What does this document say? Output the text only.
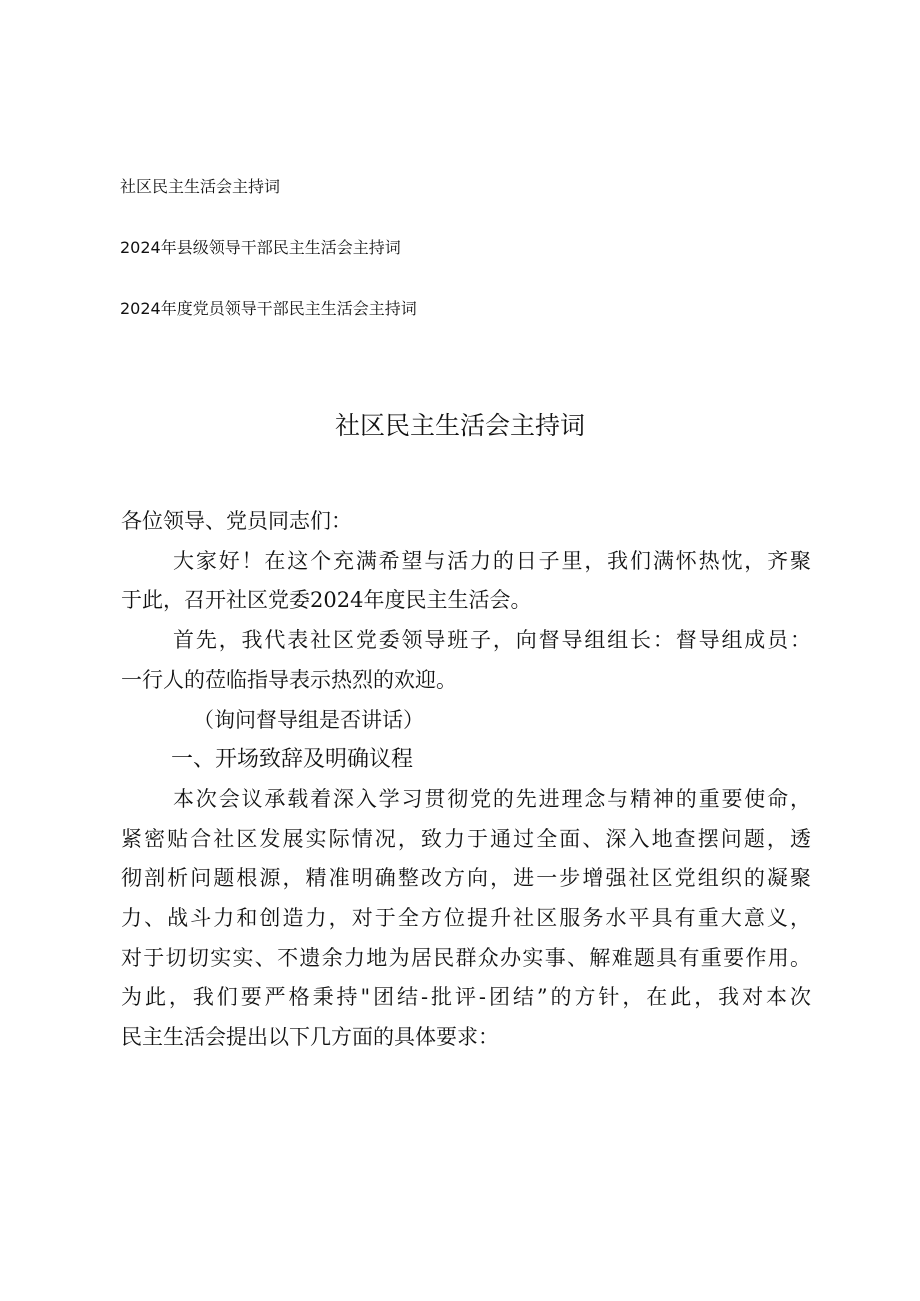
社区民主生活会主持词
2024年县级领导干部民主生活会主持词
2024年度党员领导干部民主生活会主持词
社区民主生活会主持词

各位领导、党员同志们：

大家好！在这个充满希望与活力的日子里，我们满怀热忱，齐聚
于此，召开社区党委2024年度民主生活会。

首先，我代表社区党委领导班子，向督导组组长：督导组成员：
一行人的莅临指导表示热烈的欢迎。

（询问督导组是否讲话）

一、开场致辞及明确议程

本次会议承载着深入学习贯彻党的先进理念与精神的重要使命，
紧密贴合社区发展实际情况，致力于通过全面、深入地查摆问题，透
彻剖析问题根源，精准明确整改方向，进一步增强社区党组织的凝聚
力、战斗力和创造力，对于全方位提升社区服务水平具有重大意义，
对于切切实实、不遗余力地为居民群众办实事、解难题具有重要作用。
为此，我们要严格秉持"团结-批评-团结”的方针，在此，我对本次
民主生活会提出以下几方面的具体要求：
